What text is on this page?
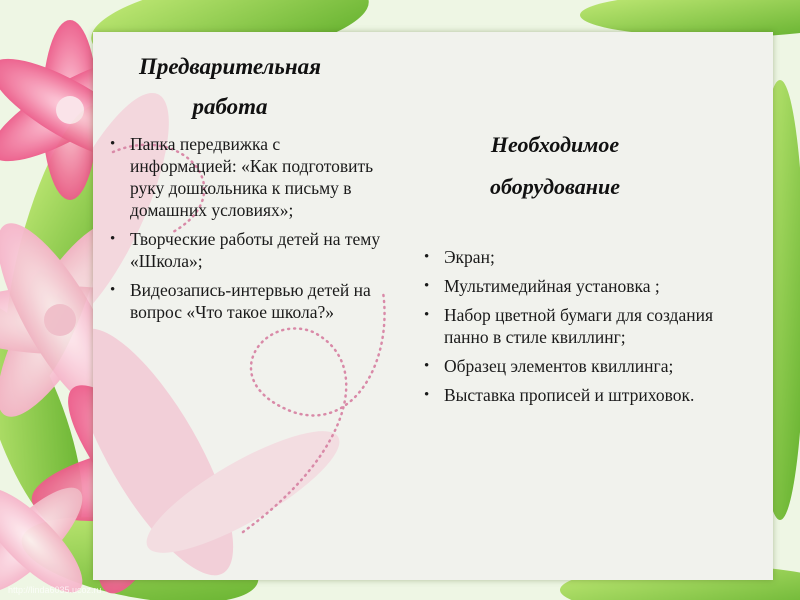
Предварительная
работа
• Папка передвижка с информацией: «Как подготовить руку дошкольника к письму в домашних условиях»;
• Творческие работы детей на тему «Школа»;
• Видеозапись-интервью детей на вопрос «Что такое школа?»
Необходимое
оборудование
• Экран;
• Мультимедийная установка ;
• Набор цветной бумаги для создания панно в стиле квиллинг;
• Образец элементов квиллинга;
• Выставка прописей и штриховок.
http://linda6035.ucoz.ru
